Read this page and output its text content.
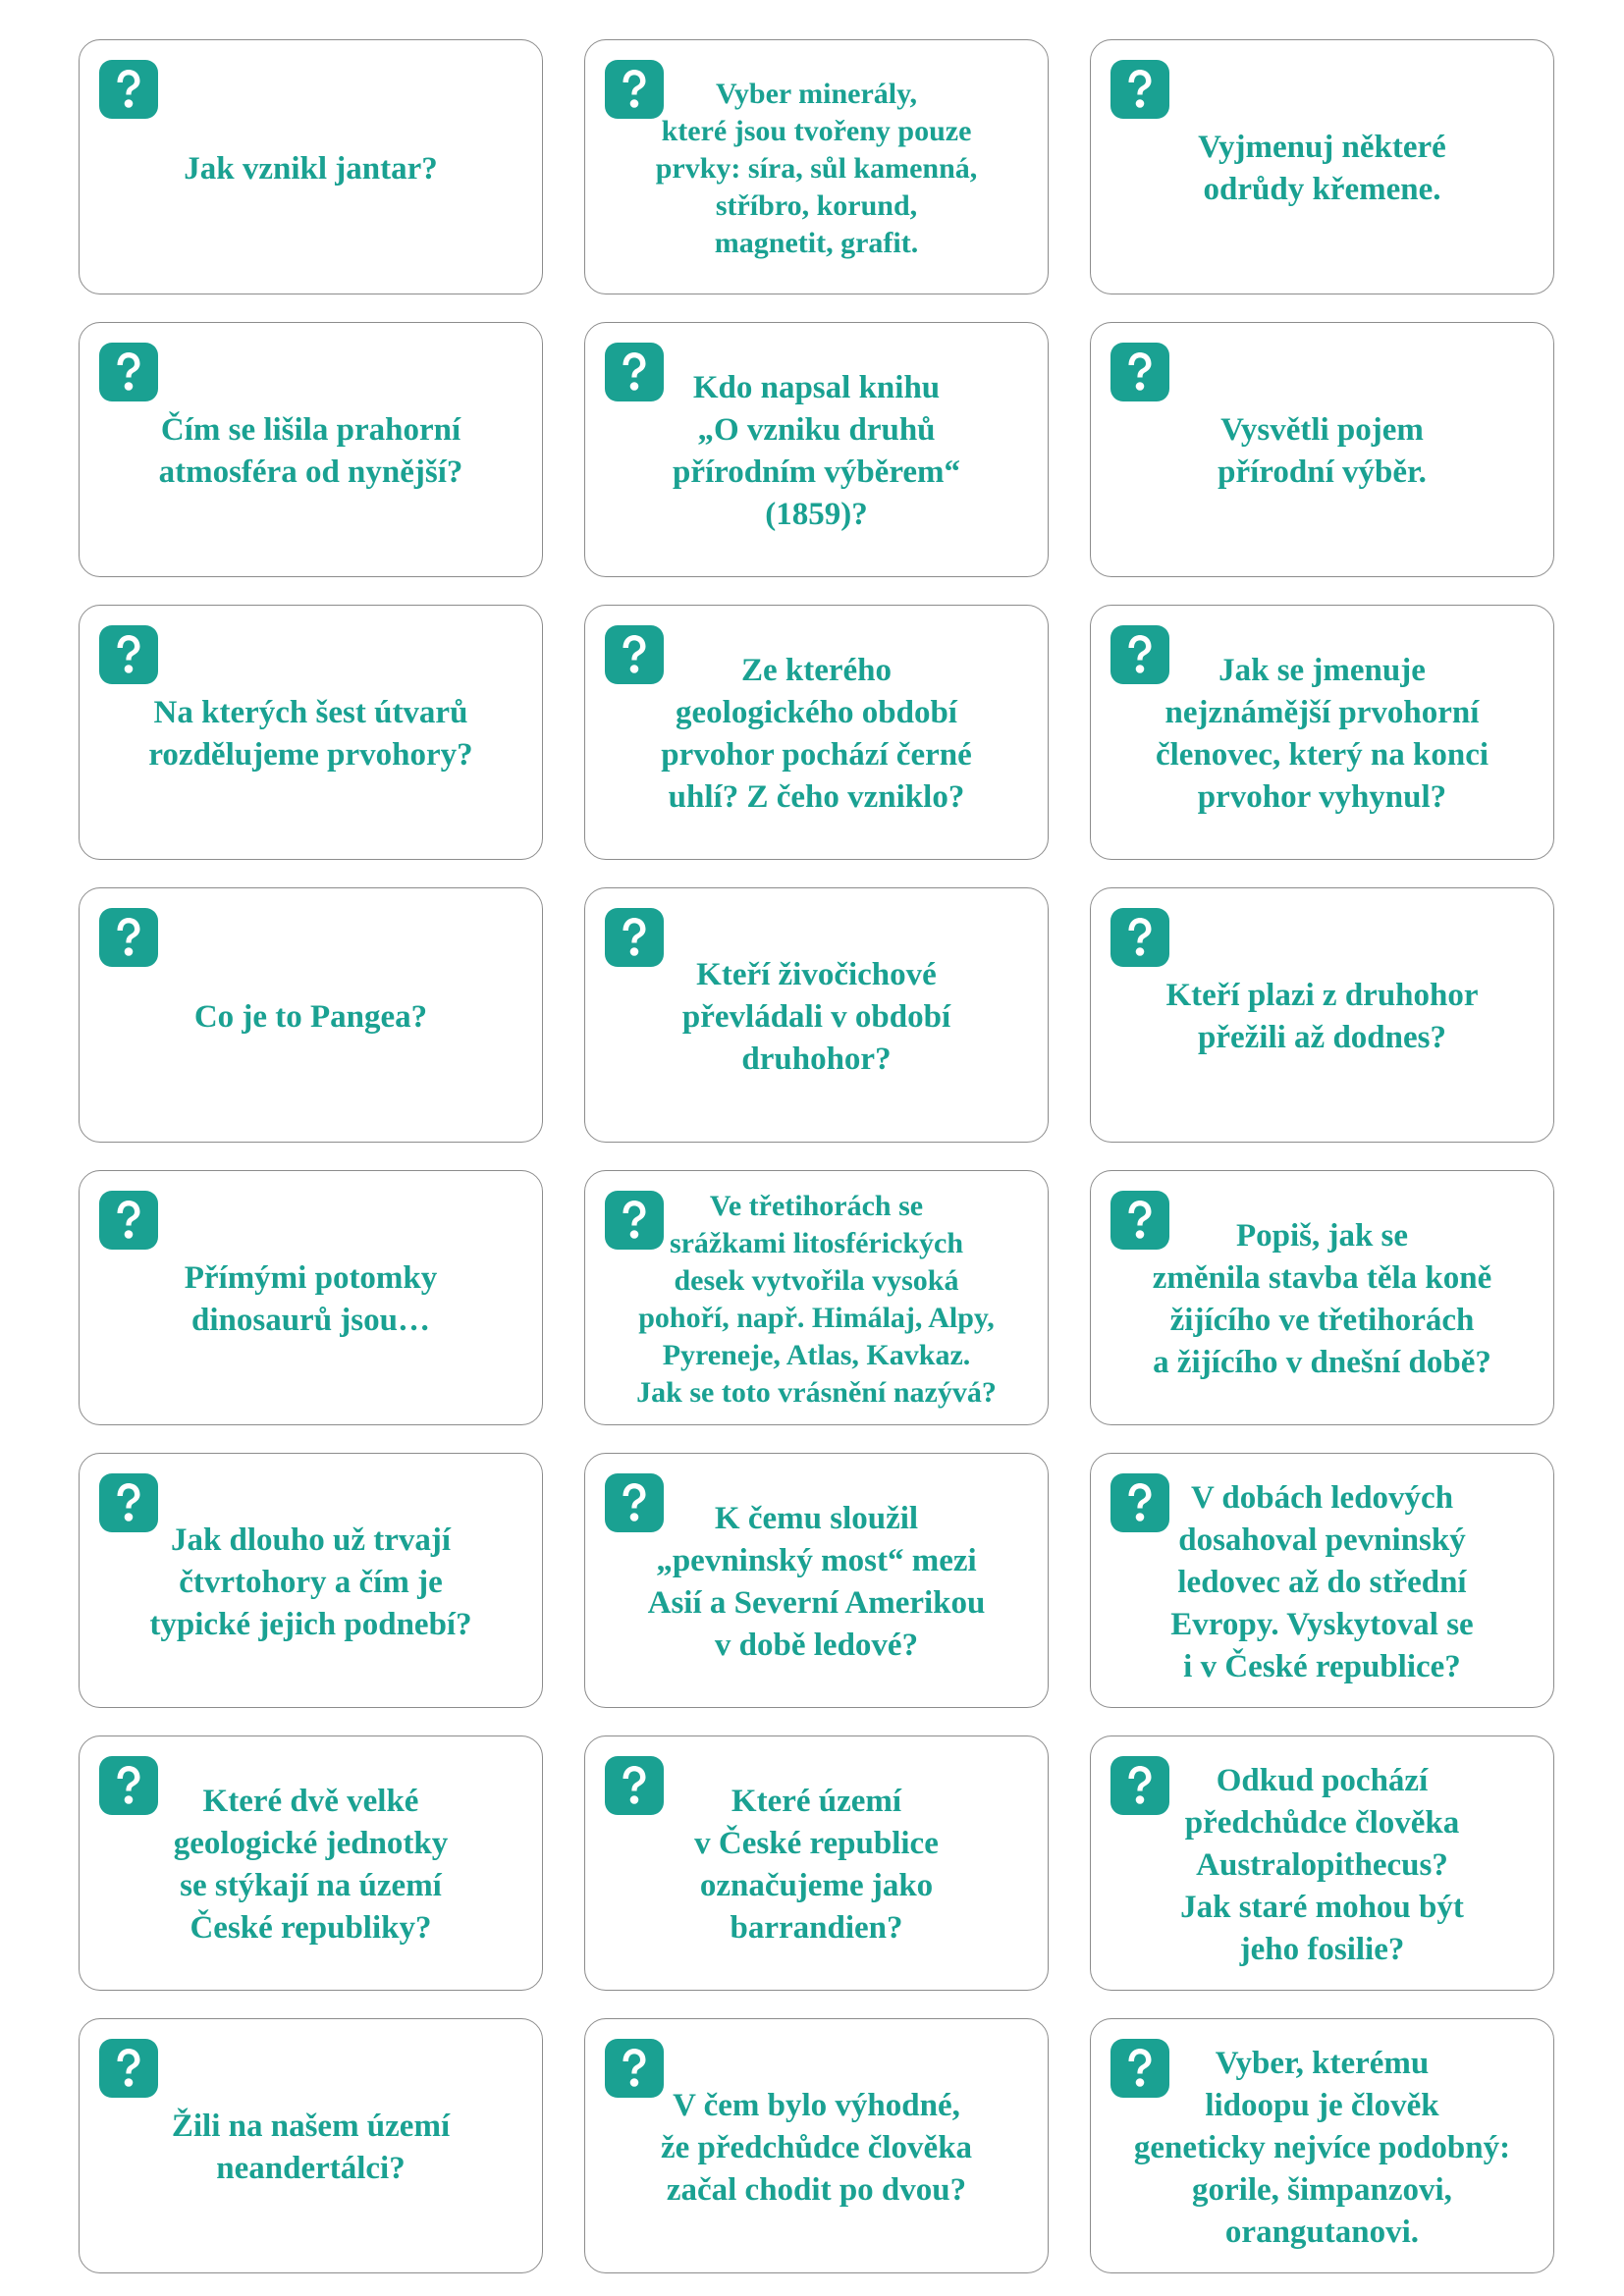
Jak vznikl jantar?
Vyber minerály,
které jsou tvořeny pouze
prvky: síra, sůl kamenná,
stříbro, korund,
magnetit, grafit.
Vyjmenuj některé
odrůdy křemene.
Čím se lišila prahorní
atmosféra od nynější?
Kdo napsal knihu
„O vzniku druhů
přírodním výběrem“
(1859)?
Vysvětli pojem
přírodní výběr.
Na kterých šest útvarů
rozdělujeme prvohory?
Ze kterého
geologického období
prvohor pochází černé
uhlí? Z čeho vzniklo?
Jak se jmenuje
nejznámější prvohorní
členovec, který na konci
prvohor vyhynul?
Co je to Pangea?
Kteří živočichové
převládali v období
druhohor?
Kteří plazi z druhohor
přežili až dodnes?
Přímými potomky
dinosaurů jsou…
Ve třetihorách se
srážkami litosférických
desek vytvořila vysoká
pohoří, např. Himálaj, Alpy,
Pyreneje, Atlas, Kavkaz.
Jak se toto vrásnění nazývá?
Popiš, jak se
změnila stavba těla koně
žijícího ve třetihorách
a žijícího v dnešní době?
Jak dlouho už trvají
čtvrtohory a čím je
typické jejich podnebí?
K čemu sloužil
„pevninský most“ mezi
Asií a Severní Amerikou
v době ledové?
V dobách ledových
dosahoval pevninský
ledovec až do střední
Evropy. Vyskytoval se
i v České republice?
Které dvě velké
geologické jednotky
se stýkají na území
České republiky?
Které území
v České republice
označujeme jako
barrandien?
Odkud pochází
předchůdce člověka
Australopithecus?
Jak staré mohou být
jeho fosilie?
Žili na našem území
neandertálci?
V čem bylo výhodné,
že předchůdce člověka
začal chodit po dvou?
Vyber, kterému
lidoopu je člověk
geneticky nejvíce podobný:
gorile, šimpanzovi,
orangutanovi.
